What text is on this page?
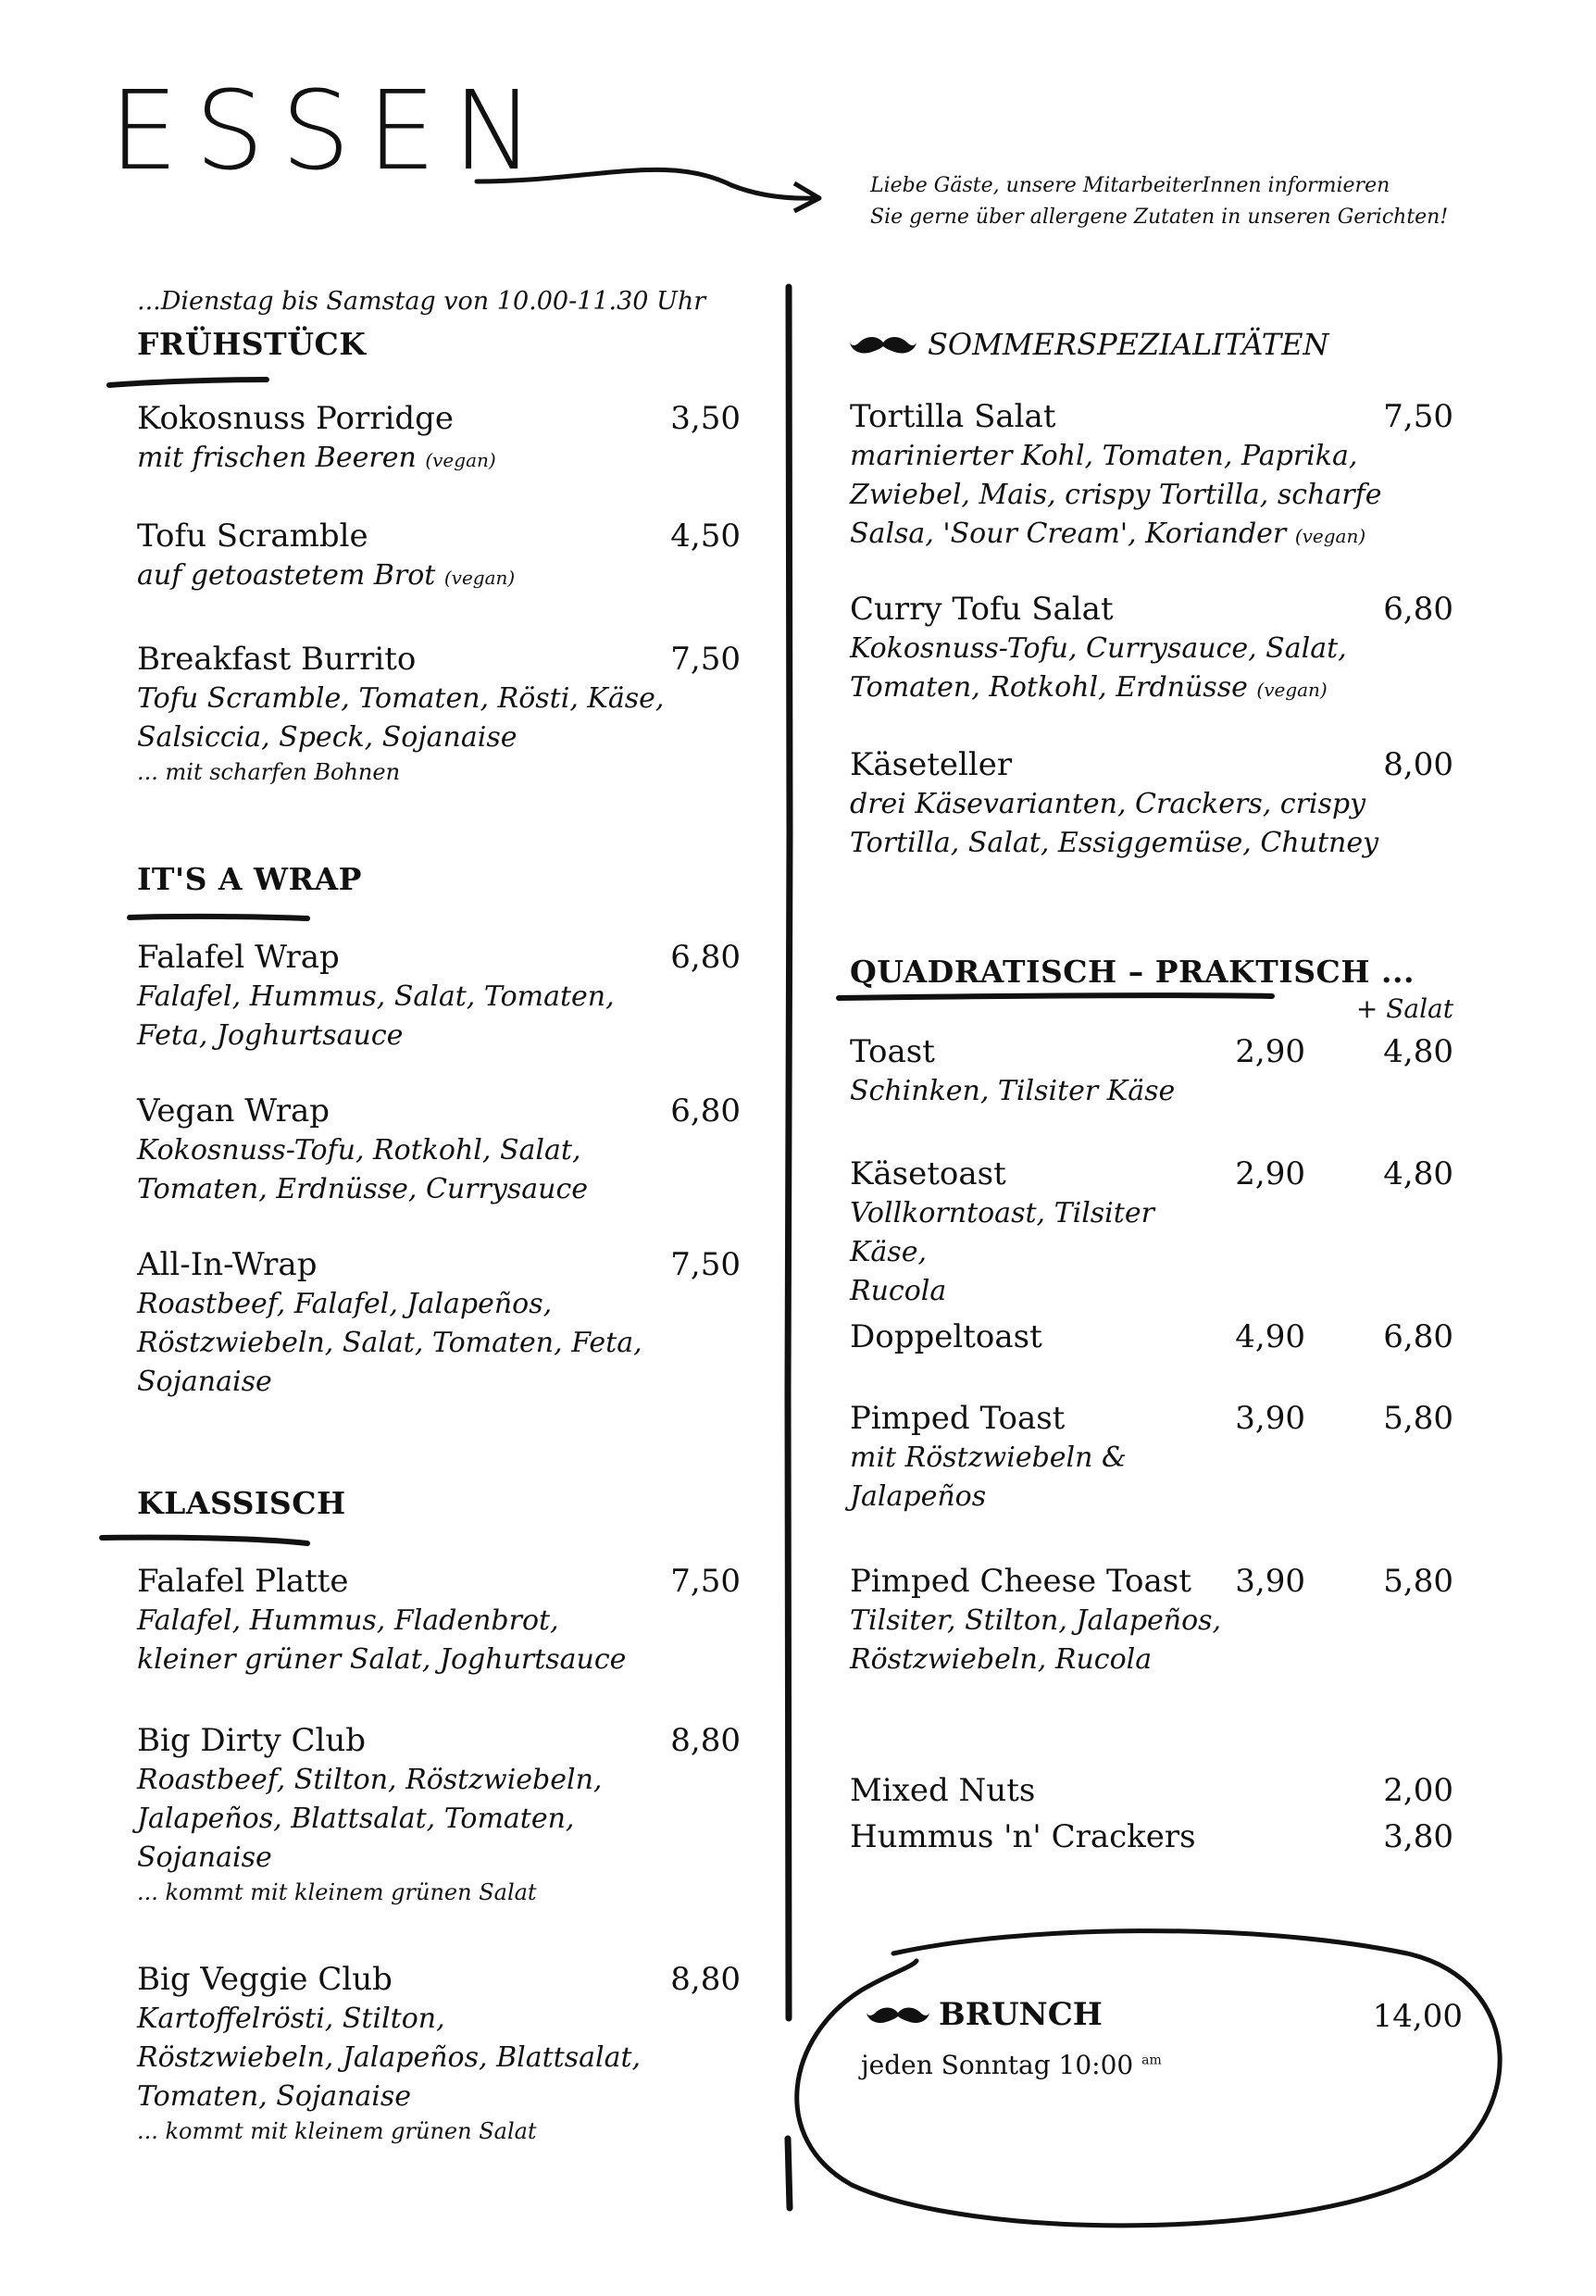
ESSEN	Liebe Gäste, unsere MitarbeiterInnen informieren
Sie gerne über allergene Zutaten in unseren Gerichten!
...Dienstag bis Samstag von 10.00-11.30 Uhr
FRÜHSTÜCK
Kokosnuss Porridge
mit frischen Beeren (vegan)
3,50
Tofu Scramble
auf getoastetem Brot (vegan)
4,50
Breakfast Burrito
Tofu Scramble, Tomaten, Rösti, Käse,
Salsiccia, Speck, Sojanaise
... mit scharfen Bohnen
7,50
IT'S A WRAP
Falafel Wrap
Falafel, Hummus, Salat, Tomaten,
Feta, Joghurtsauce
6,80
Vegan Wrap
Kokosnuss-Tofu, Rotkohl, Salat,
Tomaten, Erdnüsse, Currysauce
6,80
All-In-Wrap
Roastbeef, Falafel, Jalapeños,
Röstzwiebeln, Salat, Tomaten, Feta,
Sojanaise
7,50
KLASSISCH
Falafel Platte
Falafel, Hummus, Fladenbrot,
kleiner grüner Salat, Joghurtsauce
7,50
Big Dirty Club
Roastbeef, Stilton, Röstzwiebeln,
Jalapeños, Blattsalat, Tomaten,
Sojanaise
... kommt mit kleinem grünen Salat
8,80
Big Veggie Club
Kartoffelrösti, Stilton,
Röstzwiebeln, Jalapeños, Blattsalat,
Tomaten, Sojanaise
... kommt mit kleinem grünen Salat
8,80
SOMMERSPEZIALITÄTEN
Tortilla Salat
marinierter Kohl, Tomaten, Paprika,
Zwiebel, Mais, crispy Tortilla, scharfe
Salsa, 'Sour Cream', Koriander (vegan)
7,50
Curry Tofu Salat
Kokosnuss-Tofu, Currysauce, Salat,
Tomaten, Rotkohl, Erdnüsse (vegan)
6,80
Käseteller
drei Käsevarianten, Crackers, crispy
Tortilla, Salat, Essiggemüse, Chutney
8,00
QUADRATISCH – PRAKTISCH ...
+ Salat
Toast
Schinken, Tilsiter Käse
2,90 4,80
Käsetoast
Vollkorntoast, Tilsiter Käse,
Rucola
2,90 4,80
Doppeltoast	4,90 6,80
Pimped Toast
mit Röstzwiebeln &
Jalapeños
3,90 5,80
Pimped Cheese Toast
Tilsiter, Stilton, Jalapeños,
Röstzwiebeln, Rucola
3,90 5,80
Mixed Nuts	2,00
Hummus 'n' Crackers	3,80
BRUNCH	14,00
jeden Sonntag 10:00 $^{am}$
